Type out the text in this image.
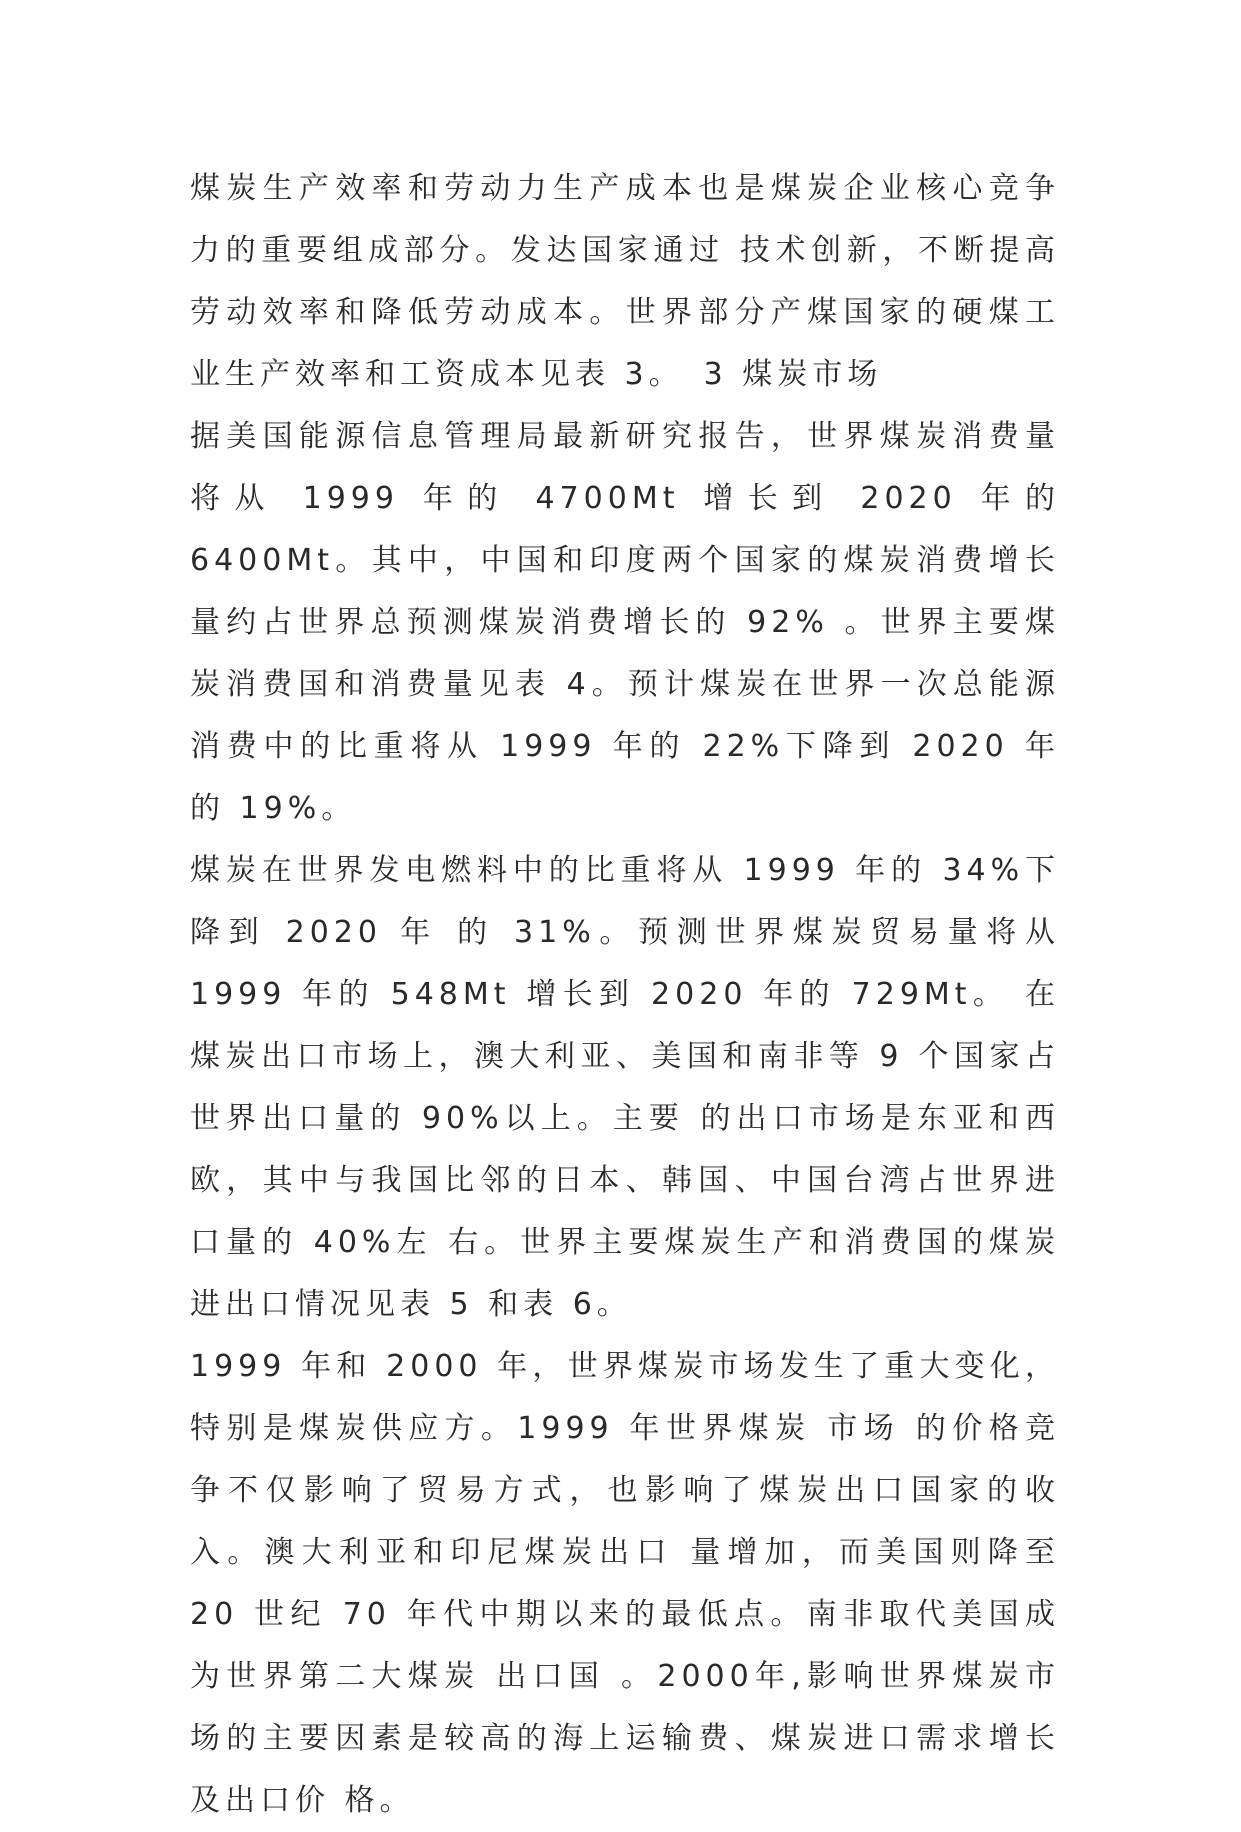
煤炭生产效率和劳动力生产成本也是煤炭企业核心竞争力的重要组成部分。发达国家通过 技术创新，不断提高劳动效率和降低劳动成本。世界部分产煤国家的硬煤工业生产效率和工资成本见表 3。　3 煤炭市场

据美国能源信息管理局最新研究报告，世界煤炭消费量将从 1999 年的 4700Mt 增长到 2020 年的 6400Mt。其中，中国和印度两个国家的煤炭消费增长量约占世界总预测煤炭消费增长的 92% 。世界主要煤炭消费国和消费量见表 4。预计煤炭在世界一次总能源消费中的比重将从 1999 年的 22%下降到 2020 年的 19%。

煤炭在世界发电燃料中的比重将从 1999 年的 34%下降到 2020 年 的 31%。预测世界煤炭贸易量将从 1999 年的 548Mt 增长到 2020 年的 729Mt。 在煤炭出口市场上，澳大利亚、美国和南非等 9 个国家占世界出口量的 90%以上。主要 的出口市场是东亚和西欧，其中与我国比邻的日本、韩国、中国台湾占世界进口量的 40%左 右。世界主要煤炭生产和消费国的煤炭进出口情况见表 5 和表 6。

1999 年和 2000 年，世界煤炭市场发生了重大变化，特别是煤炭供应方。1999 年世界煤炭 市场 的价格竞争不仅影响了贸易方式，也影响了煤炭出口国家的收入。澳大利亚和印尼煤炭出口 量增加，而美国则降至 20 世纪 70 年代中期以来的最低点。南非取代美国成为世界第二大煤炭 出口国 。2000年,影响世界煤炭市场的主要因素是较高的海上运输费、煤炭进口需求增长及出口价 格。
